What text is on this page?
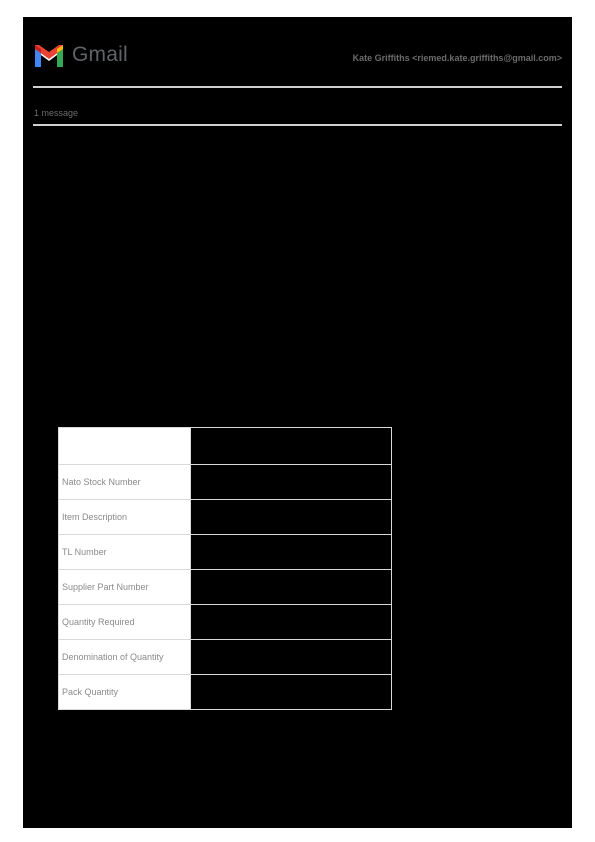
Gmail	Kate Griffiths <riemed.kate.griffiths@gmail.com>
1 message

Nato Stock Number	
Item Description	
TL Number	
Supplier Part Number	
Quantity Required	
Denomination of Quantity	
Pack Quantity	
